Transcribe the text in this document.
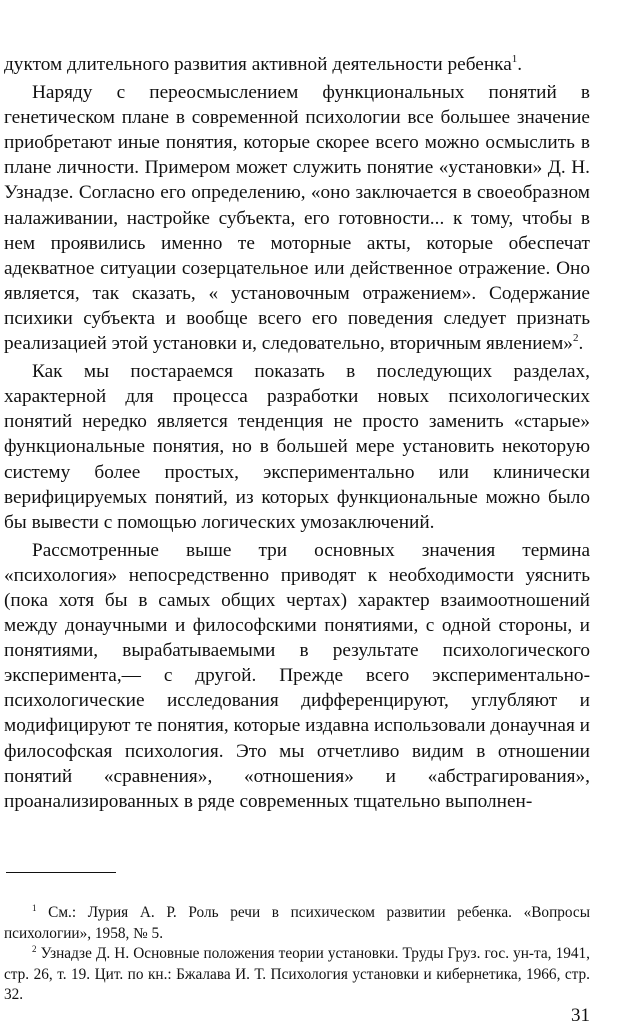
дуктом длительного развития активной деятельности ребенка$^1$.

Наряду с переосмыслением функциональных понятий в генетическом плане в современной психологии все большее значение приобретают иные понятия, которые скорее всего можно осмыслить в плане личности. Примером может служить понятие «установки» Д. Н. Узнадзе. Согласно его определению, «оно заключается в своеобразном налаживании, настройке субъекта, его готовности... к тому, чтобы в нем проявились именно те моторные акты, которые обеспечат адекватное ситуации созерцательное или действенное отражение. Оно является, так сказать, « установочным отражением». Содержание психики субъекта и вообще всего его поведения следует признать реализацией этой установки и, следовательно, вторичным явлением»$^2$.

Как мы постараемся показать в последующих разделах, характерной для процесса разработки новых психологических понятий нередко является тенденция не просто заменить «старые» функциональные понятия, но в большей мере установить некоторую систему более простых, экспериментально или клинически верифицируемых понятий, из которых функциональные можно было бы вывести с помощью логических умозаключений.

Рассмотренные выше три основных значения термина «психология» непосредственно приводят к необходимости уяснить (пока хотя бы в самых общих чертах) характер взаимоотношений между донаучными и философскими понятиями, с одной стороны, и понятиями, вырабатываемыми в результате психологического эксперимента,— с другой. Прежде всего экспериментально-психологические исследования дифференцируют, углубляют и модифицируют те понятия, которые издавна использовали донаучная и философская психология. Это мы отчетливо видим в отношении понятий «сравнения», «отношения» и «абстрагирования», проанализированных в ряде современных тщательно выполнен-

$^1$ См.: Лурия А. Р. Роль речи в психическом развитии ребенка. «Вопросы психологии», 1958, № 5.

$^2$ Узнадзе Д. Н. Основные положения теории установки. Труды Груз. гос. ун-та, 1941, стр. 26, т. 19. Цит. по кн.: Бжалава И. Т. Психология установки и кибернетика, 1966, стр. 32.

31
